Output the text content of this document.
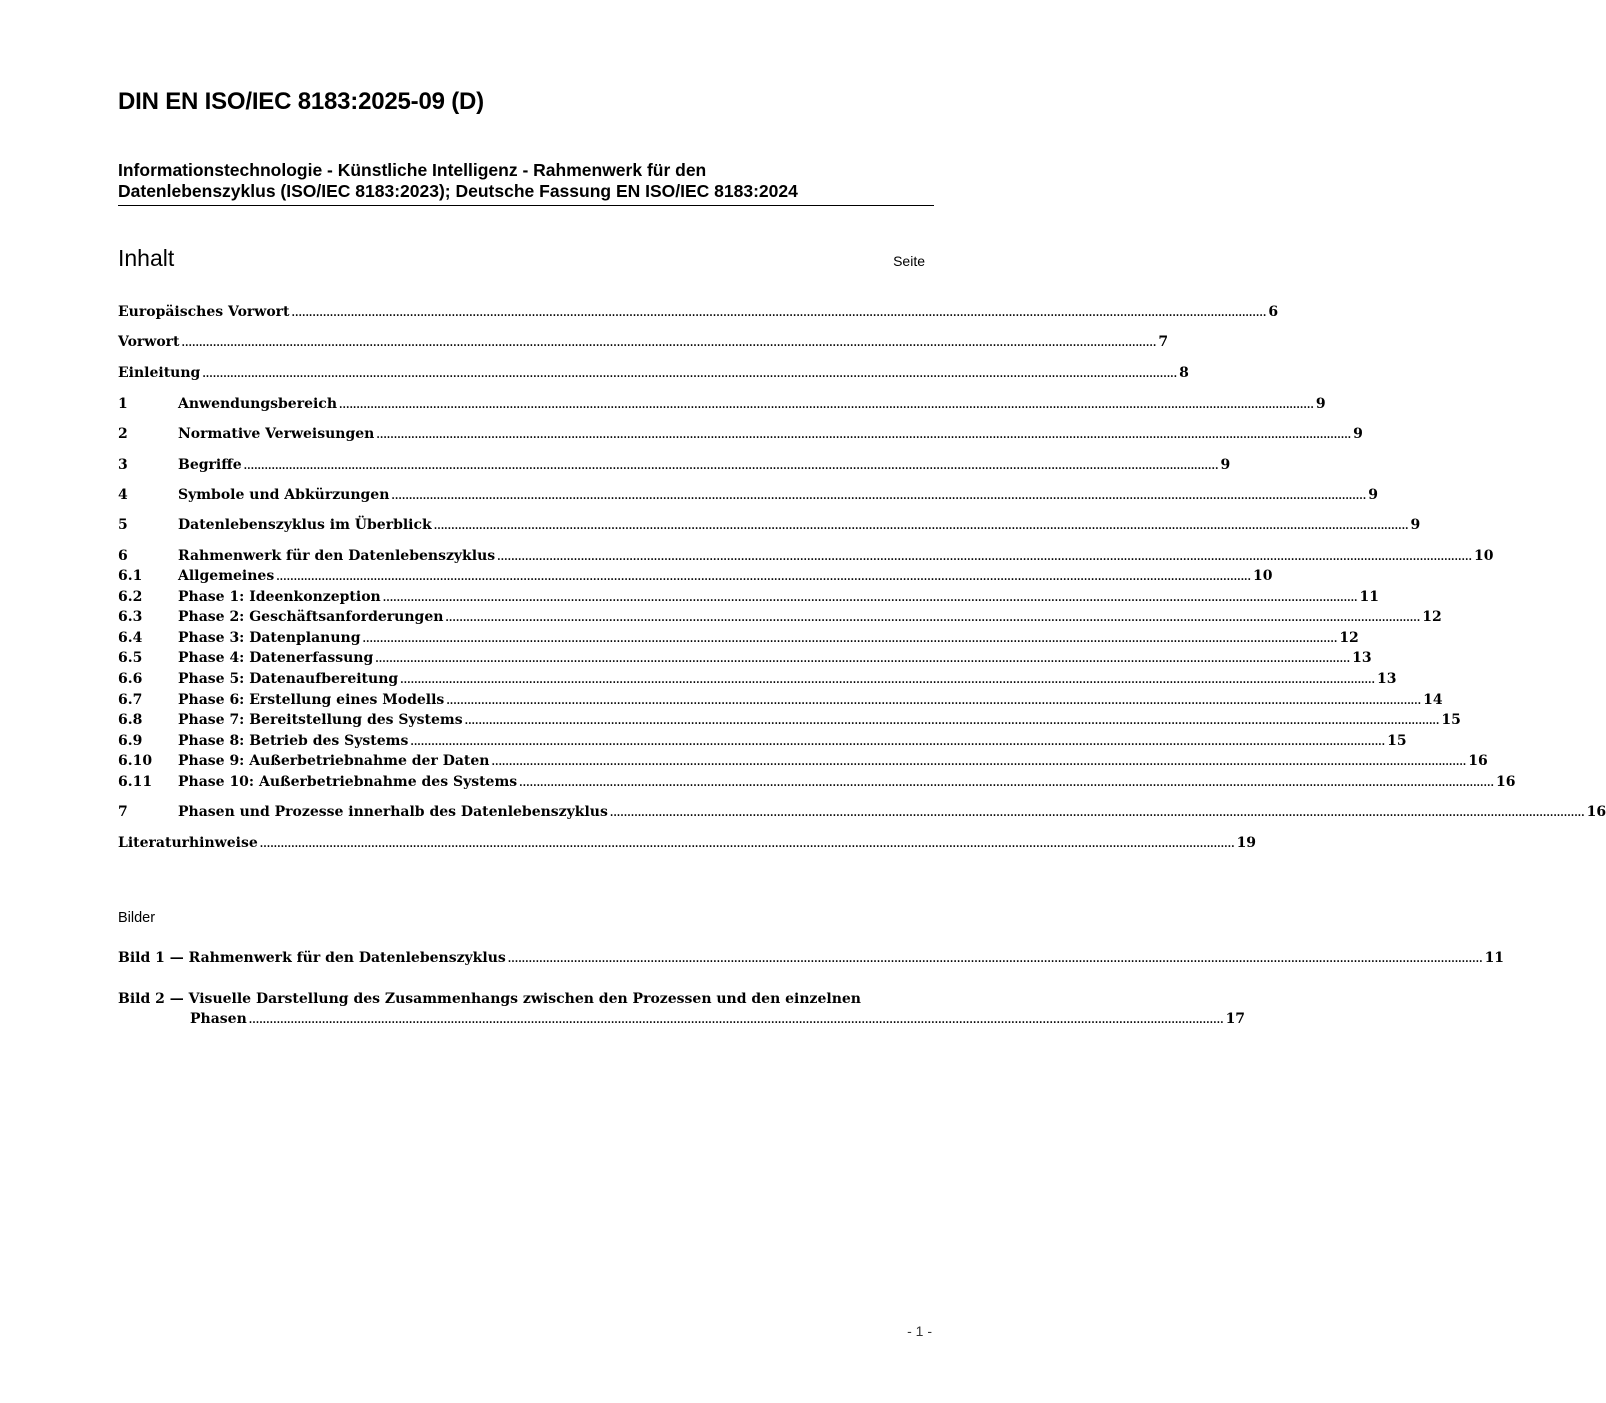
DIN EN ISO/IEC 8183:2025-09 (D)
Informationstechnologie - Künstliche Intelligenz - Rahmenwerk für den
Datenlebenszyklus (ISO/IEC 8183:2023); Deutsche Fassung EN ISO/IEC 8183:2024
Inhalt	Seite
Europäisches Vorwort .....	6
Vorwort .....	7
Einleitung .....	8
1	Anwendungsbereich .....	9
2	Normative Verweisungen .....	9
3	Begriffe .....	9
4	Symbole und Abkürzungen .....	9
5	Datenlebenszyklus im Überblick .....	9
6	Rahmenwerk für den Datenlebenszyklus .....	10
6.1	Allgemeines .....	10
6.2	Phase 1: Ideenkonzeption .....	11
6.3	Phase 2: Geschäftsanforderungen .....	12
6.4	Phase 3: Datenplanung .....	12
6.5	Phase 4: Datenerfassung .....	13
6.6	Phase 5: Datenaufbereitung .....	13
6.7	Phase 6: Erstellung eines Modells .....	14
6.8	Phase 7: Bereitstellung des Systems .....	15
6.9	Phase 8: Betrieb des Systems .....	15
6.10	Phase 9: Außerbetriebnahme der Daten .....	16
6.11	Phase 10: Außerbetriebnahme des Systems .....	16
7	Phasen und Prozesse innerhalb des Datenlebenszyklus .....	16
Literaturhinweise .....	19
Bilder
Bild 1 — Rahmenwerk für den Datenlebenszyklus .....	11
Bild 2 — Visuelle Darstellung des Zusammenhangs zwischen den Prozessen und den einzelnen
Phasen .....	17
- 1 -
